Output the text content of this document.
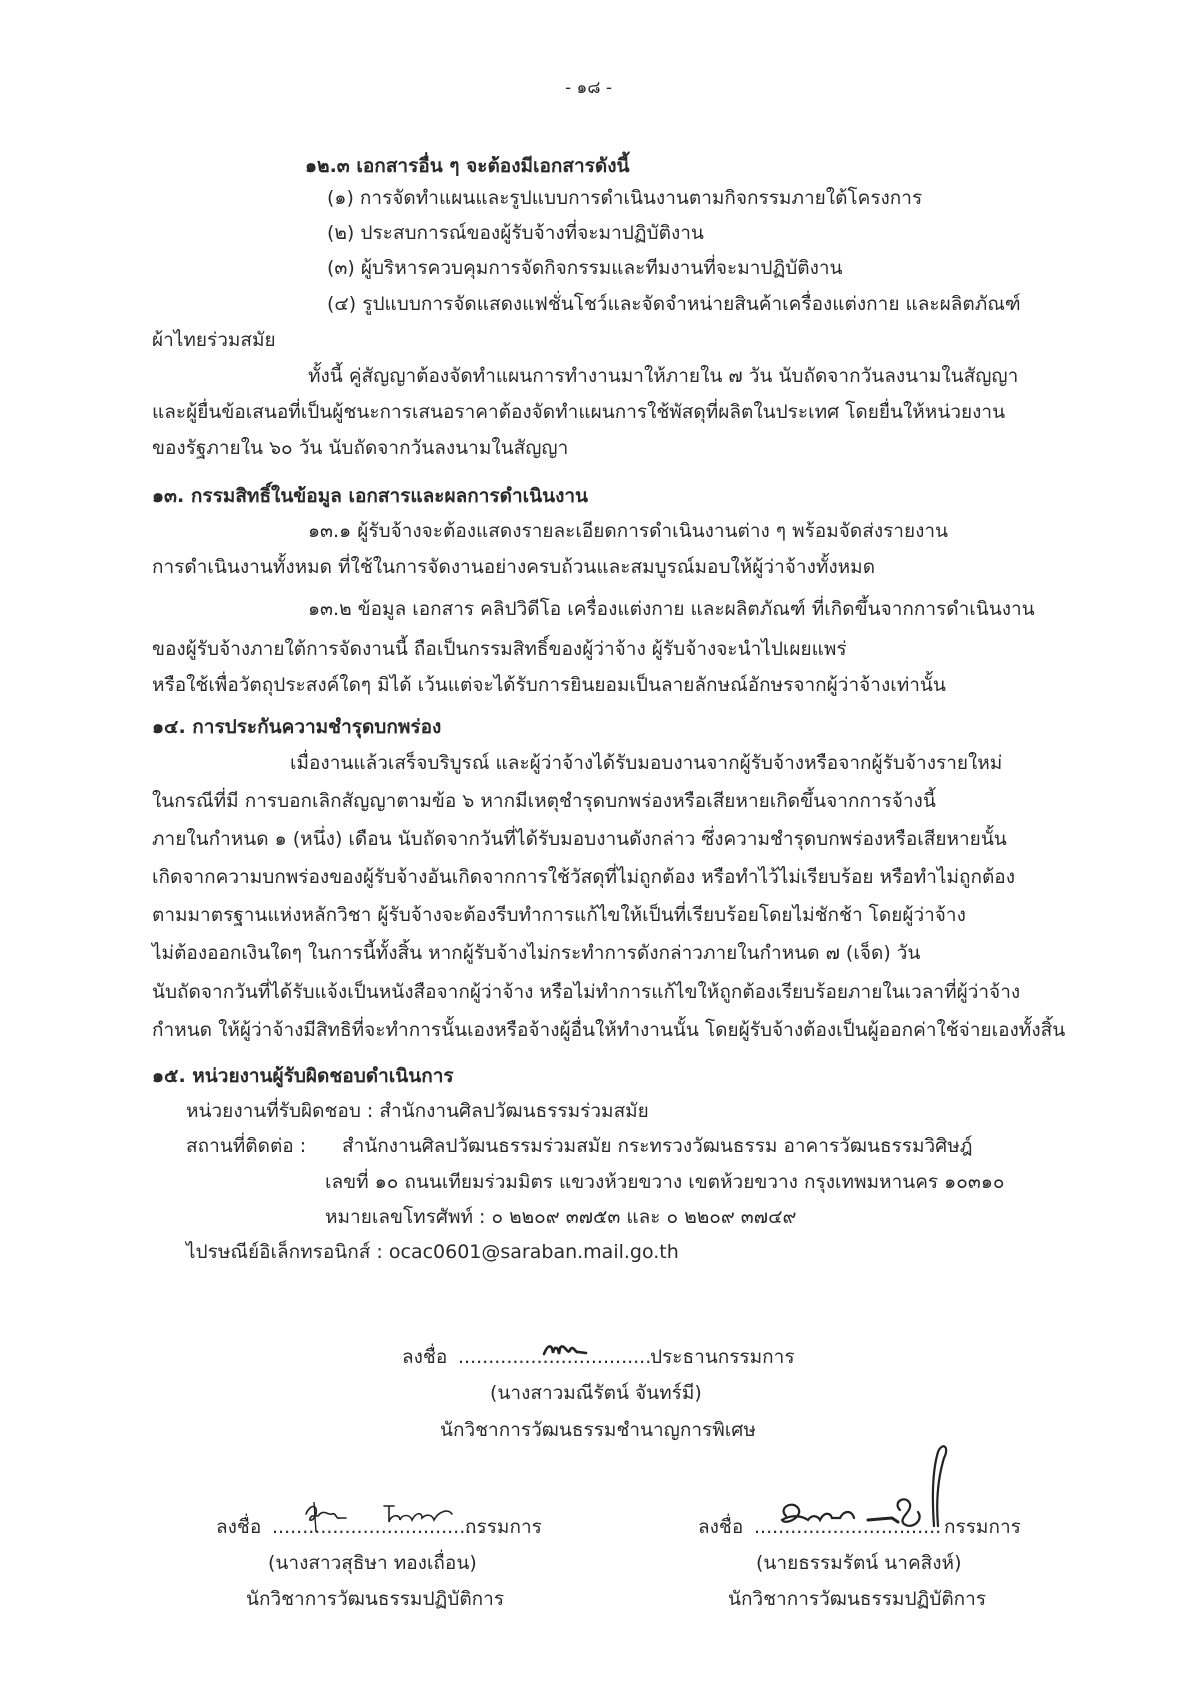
- ๑๘ -
๑๒.๓ เอกสารอื่น ๆ จะต้องมีเอกสารดังนี้
(๑) การจัดทำแผนและรูปแบบการดำเนินงานตามกิจกรรมภายใต้โครงการ
(๒) ประสบการณ์ของผู้รับจ้างที่จะมาปฏิบัติงาน
(๓) ผู้บริหารควบคุมการจัดกิจกรรมและทีมงานที่จะมาปฏิบัติงาน
(๔) รูปแบบการจัดแสดงแฟชั่นโชว์และจัดจำหน่ายสินค้าเครื่องแต่งกาย และผลิตภัณฑ์
ผ้าไทยร่วมสมัย
ทั้งนี้ คู่สัญญาต้องจัดทำแผนการทำงานมาให้ภายใน ๗ วัน นับถัดจากวันลงนามในสัญญา
และผู้ยื่นข้อเสนอที่เป็นผู้ชนะการเสนอราคาต้องจัดทำแผนการใช้พัสดุที่ผลิตในประเทศ โดยยื่นให้หน่วยงาน
ของรัฐภายใน ๖๐ วัน นับถัดจากวันลงนามในสัญญา
๑๓. กรรมสิทธิ์ในข้อมูล เอกสารและผลการดำเนินงาน
๑๓.๑ ผู้รับจ้างจะต้องแสดงรายละเอียดการดำเนินงานต่าง ๆ พร้อมจัดส่งรายงาน
การดำเนินงานทั้งหมด ที่ใช้ในการจัดงานอย่างครบถ้วนและสมบูรณ์มอบให้ผู้ว่าจ้างทั้งหมด
๑๓.๒ ข้อมูล เอกสาร คลิปวิดีโอ เครื่องแต่งกาย และผลิตภัณฑ์ ที่เกิดขึ้นจากการดำเนินงาน
ของผู้รับจ้างภายใต้การจัดงานนี้ ถือเป็นกรรมสิทธิ์ของผู้ว่าจ้าง ผู้รับจ้างจะนำไปเผยแพร่
หรือใช้เพื่อวัตถุประสงค์ใดๆ มิได้ เว้นแต่จะได้รับการยินยอมเป็นลายลักษณ์อักษรจากผู้ว่าจ้างเท่านั้น
๑๔. การประกันความชำรุดบกพร่อง
เมื่องานแล้วเสร็จบริบูรณ์ และผู้ว่าจ้างได้รับมอบงานจากผู้รับจ้างหรือจากผู้รับจ้างรายใหม่
ในกรณีที่มี การบอกเลิกสัญญาตามข้อ ๖ หากมีเหตุชำรุดบกพร่องหรือเสียหายเกิดขึ้นจากการจ้างนี้
ภายในกำหนด ๑ (หนึ่ง) เดือน นับถัดจากวันที่ได้รับมอบงานดังกล่าว ซึ่งความชำรุดบกพร่องหรือเสียหายนั้น
เกิดจากความบกพร่องของผู้รับจ้างอันเกิดจากการใช้วัสดุที่ไม่ถูกต้อง หรือทำไว้ไม่เรียบร้อย หรือทำไม่ถูกต้อง
ตามมาตรฐานแห่งหลักวิชา ผู้รับจ้างจะต้องรีบทำการแก้ไขให้เป็นที่เรียบร้อยโดยไม่ชักช้า โดยผู้ว่าจ้าง
ไม่ต้องออกเงินใดๆ ในการนี้ทั้งสิ้น หากผู้รับจ้างไม่กระทำการดังกล่าวภายในกำหนด ๗ (เจ็ด) วัน
นับถัดจากวันที่ได้รับแจ้งเป็นหนังสือจากผู้ว่าจ้าง หรือไม่ทำการแก้ไขให้ถูกต้องเรียบร้อยภายในเวลาที่ผู้ว่าจ้าง
กำหนด ให้ผู้ว่าจ้างมีสิทธิที่จะทำการนั้นเองหรือจ้างผู้อื่นให้ทำงานนั้น โดยผู้รับจ้างต้องเป็นผู้ออกค่าใช้จ่ายเองทั้งสิ้น
๑๕. หน่วยงานผู้รับผิดชอบดำเนินการ
หน่วยงานที่รับผิดชอบ : สำนักงานศิลปวัฒนธรรมร่วมสมัย
สถานที่ติดต่อ : สำนักงานศิลปวัฒนธรรมร่วมสมัย กระทรวงวัฒนธรรม อาคารวัฒนธรรมวิศิษฎ์
เลขที่ ๑๐ ถนนเทียมร่วมมิตร แขวงห้วยขวาง เขตห้วยขวาง กรุงเทพมหานคร ๑๐๓๑๐
หมายเลขโทรศัพท์ : ๐ ๒๒๐๙ ๓๗๕๓ และ ๐ ๒๒๐๙ ๓๗๔๙
ไปรษณีย์อิเล็กทรอนิกส์ : ocac0601@saraban.mail.go.th
ลงชื่อ ................................
ประธานกรรมการ
(นางสาวมณีรัตน์ จันทร์มี)
นักวิชาการวัฒนธรรมชำนาญการพิเศษ
ลงชื่อ ...................................
กรรมการ
(นางสาวสุธิษา ทองเถื่อน)
นักวิชาการวัฒนธรรมปฏิบัติการ
ลงชื่อ ............................... กรรมการ
(นายธรรมรัตน์ นาคสิงห์)
นักวิชาการวัฒนธรรมปฏิบัติการ
